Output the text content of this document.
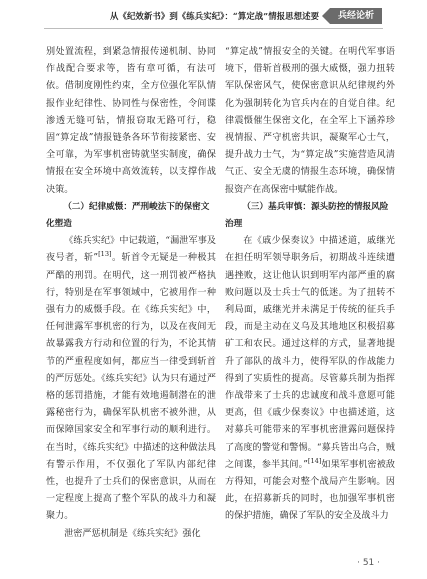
从《纪效新书》到《练兵实纪》：“算定战”情报思想述要	兵经论析

别处置流程，到紧急情报传递机制、协同作战配合要求等，皆有章可循，有法可依。借制度刚性约束，全方位强化军队情报作业纪律性、协同性与保密性，令间谍渗透无缝可钻，情报窃取无路可行，稳固“算定战”情报链条各环节衔接紧密、安全可靠，为军事机密铸就坚实制度，确保情报在安全环境中高效流转，以支撑作战决策。

（二）纪律威慑：严刑峻法下的保密文化塑造

《练兵实纪》中记载道，“漏泄军事及夜号者，斩”[13]。斩首令无疑是一种极其严酷的刑罚。在明代，这一刑罚被严格执行，特别是在军事领域中，它被用作一种强有力的威慑手段。在《练兵实纪》中，任何泄露军事机密的行为，以及在夜间无故暴露我方行动和位置的行为，不论其情节的严重程度如何，都应当一律受到斩首的严厉惩处。《练兵实纪》认为只有通过严格的惩罚措施，才能有效地遏制潜在的泄露秘密行为，确保军队机密不被外泄，从而保障国家安全和军事行动的顺利进行。在当时，《练兵实纪》中描述的这种做法具有警示作用，不仅强化了军队内部纪律性，也提升了士兵们的保密意识，从而在一定程度上提高了整个军队的战斗力和凝聚力。

泄密严惩机制是《练兵实纪》强化

“算定战”情报安全的关键。在明代军事语境下，借斩首极刑的强大威慑，强力扭转军队保密风气，使保密意识从纪律规约外化为强制转化为官兵内在的自觉自律。纪律震慑催生保密文化，在全军上下涵养珍视情报、严守机密共识，凝聚军心士气，提升战力士气，为“算定战”实施营造风清气正、安全无虞的情报生态环境，确保情报资产在高保密中赋能作战。

（三）基兵审慎：源头防控的情报风险治理

在《戚少保奏议》中描述道，戚继光在担任明军领导职务后，初期战斗连续遭遇挫败，这让他认识到明军内部严重的腐败问题以及士兵士气的低迷。为了扭转不利局面，戚继光并未满足于传统的征兵手段，而是主动在义乌及其地地区积极招募矿工和农民。通过这样的方式，显著地提升了部队的战斗力，使得军队的作战能力得到了实质性的提高。尽管募兵制为指挥作战带来了士兵的忠诚度和战斗意愿可能更高，但《戚少保奏议》中也描述道，这对募兵可能带来的军事机密泄露问题保持了高度的警觉和警惕。“募兵皆出乌合，贼之间谍，参半其间。”[14]如果军事机密被敌方得知，可能会对整个战局产生影响。因此，在招募新兵的同时，也加强军事机密的保护措施，确保了军队的安全及战斗力

· 51 ·
